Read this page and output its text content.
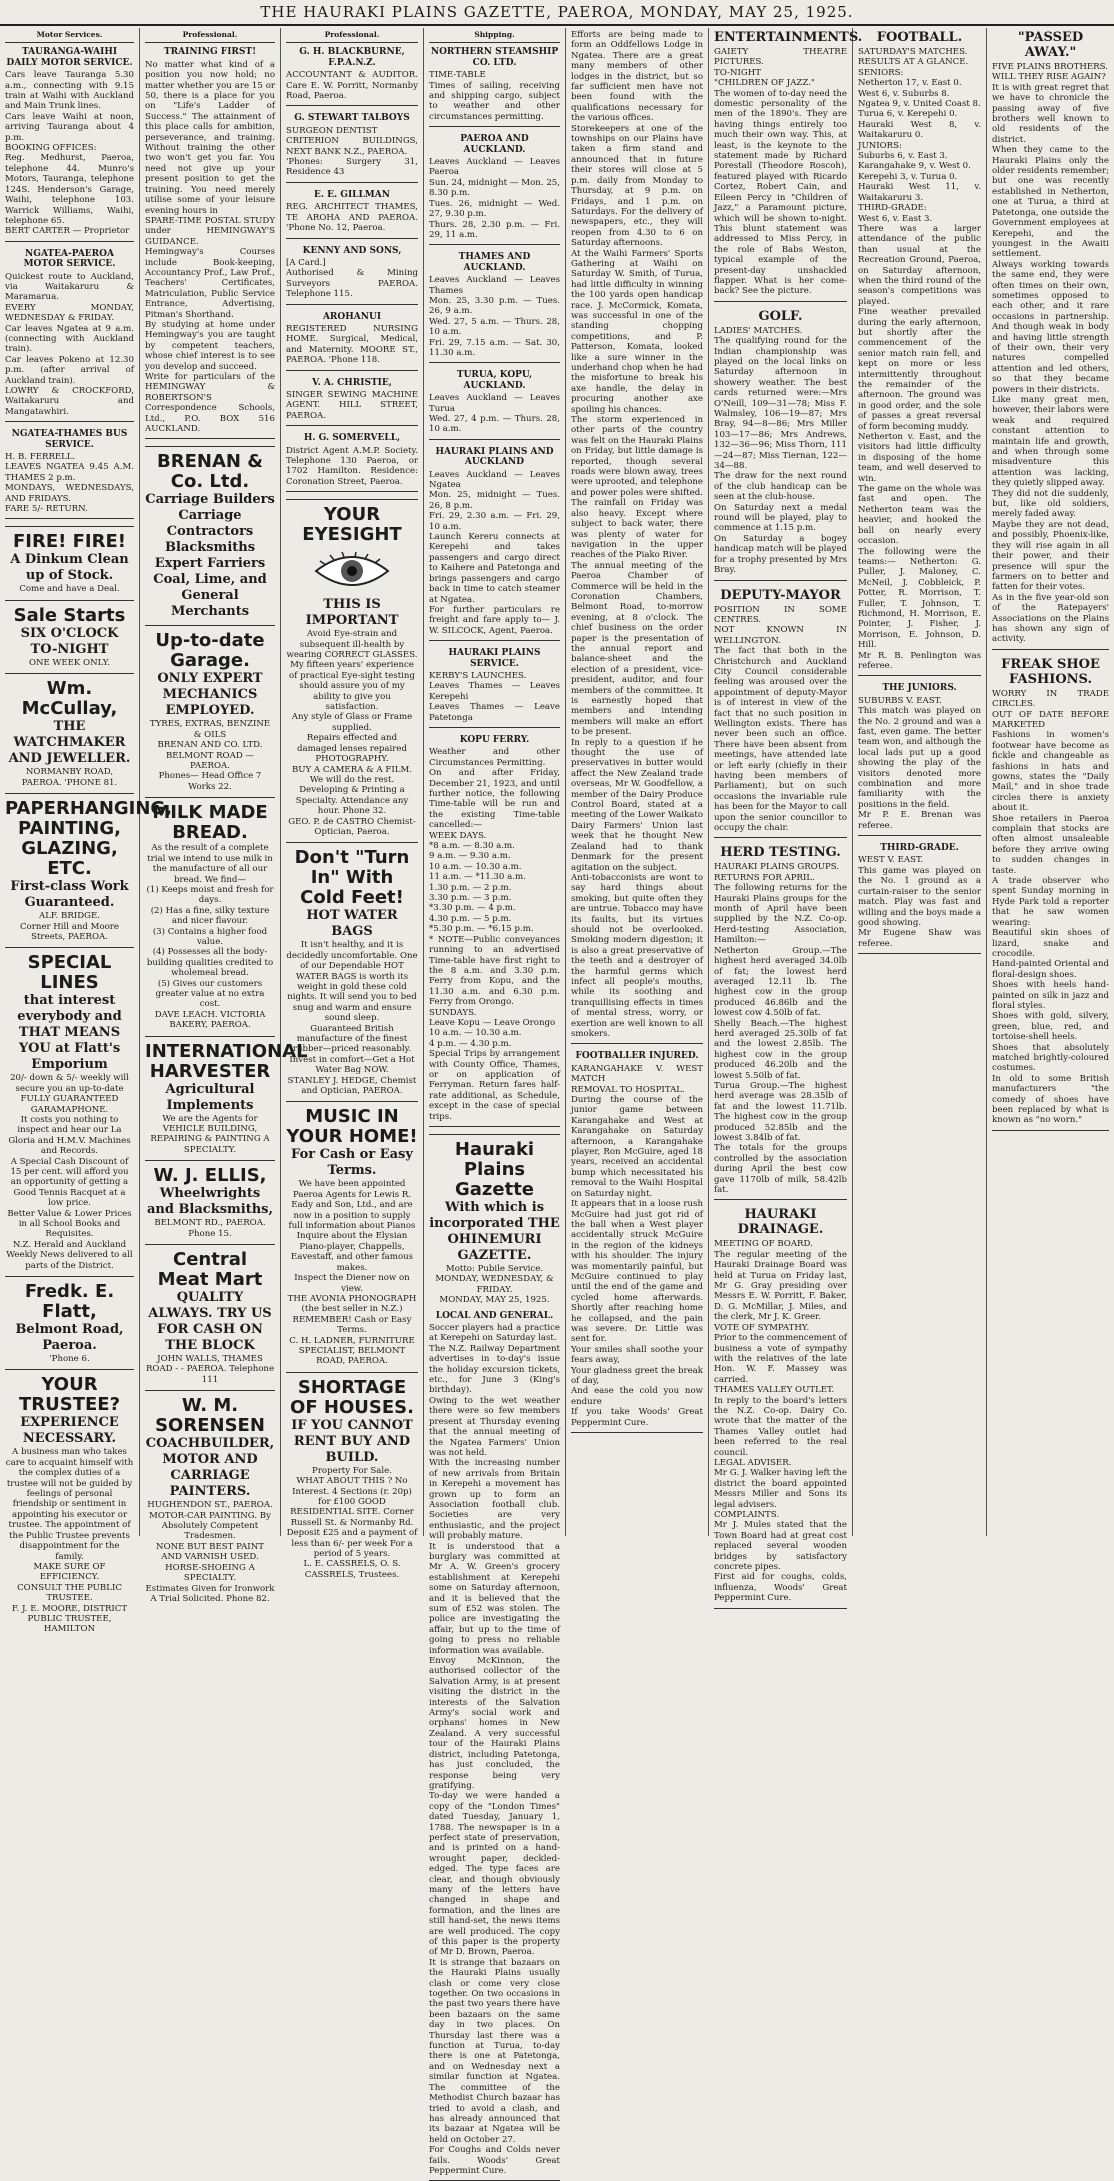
THE HAURAKI PLAINS GAZETTE, PAEROA, MONDAY, MAY 25, 1925.
Motor Services.
TAURANGA-WAIHI DAILY MOTOR SERVICE.
Cars leave Tauranga 5.30 a.m., connecting with 9.15 train at Waihi with Auckland and Main Trunk lines.
Cars leave Waihi at noon, arriving Tauranga about 4 p.m.
BOOKING OFFICES:
Reg. Medhurst, Paeroa, telephone 44. Munro's Motors, Tauranga, telephone 124S. Henderson's Garage, Waihi, telephone 103. Warrick Williams, Waihi, telephone 65.
BERT CARTER — Proprietor
NGATEA-PAEROA MOTOR SERVICE.
Quickest route to Auckland, via Waitakaruru & Maramarua.
EVERY MONDAY, WEDNESDAY & FRIDAY.
Car leaves Ngatea at 9 a.m. (connecting with Auckland train).
Car leaves Pokeno at 12.30 p.m. (after arrival of Auckland train).
LOWRY & CROCKFORD, Waitakaruru and Mangatawhiri.
NGATEA-THAMES BUS SERVICE.
H. B. FERRELL.
LEAVES NGATEA 9.45 A.M. THAMES 2 p.m.
MONDAYS, WEDNESDAYS, AND FRIDAYS.
FARE 5/- RETURN.
FIRE! FIRE!
A Dinkum Clean up of Stock.
Come and have a Deal.
Sale Starts
SIX O'CLOCK TO-NIGHT
ONE WEEK ONLY.
Wm. McCullay,
THE WATCHMAKER AND JEWELLER.
NORMANBY ROAD, PAEROA. 'PHONE 81.
PAPERHANGING, PAINTING, GLAZING, ETC.
First-class Work Guaranteed.
ALF. BRIDGE.
Corner Hill and Moore Streets, PAEROA.
SPECIAL LINES
that interest everybody and THAT MEANS YOU at Flatt's Emporium
20/- down & 5/- weekly will secure you an up-to-date FULLY GUARANTEED GARAMAPHONE.
It costs you nothing to inspect and hear our La Gloria and H.M.V. Machines and Records.
A Special Cash Discount of 15 per cent. will afford you an opportunity of getting a Good Tennis Racquet at a low price.
Better Value & Lower Prices in all School Books and Requisites.
N.Z. Herald and Auckland Weekly News delivered to all parts of the District.
Fredk. E. Flatt,
Belmont Road, Paeroa.
'Phone 6.
YOUR TRUSTEE?
EXPERIENCE NECESSARY.
A business man who takes care to acquaint himself with the complex duties of a trustee will not be guided by feelings of personal friendship or sentiment in appointing his executor or trustee. The appointment of the Public Trustee prevents disappointment for the family.
MAKE SURE OF EFFICIENCY.
CONSULT THE PUBLIC TRUSTEE.
F. J. E. MOORE, DISTRICT PUBLIC TRUSTEE, HAMILTON
Professional.
TRAINING FIRST!
No matter what kind of a position you now hold; no matter whether you are 15 or 50, there is a place for you on "Life's Ladder of Success." The attainment of this place calls for ambition, perseverance, and training. Without training the other two won't get you far. You need not give up your present position to get the training. You need merely utilise some of your leisure evening hours in
SPARE-TIME POSTAL STUDY under HEMINGWAY'S GUIDANCE.
Hemingway's Courses include Book-keeping, Accountancy Prof., Law Prof., Teachers' Certificates, Matriculation, Public Service Entrance, Advertising, Pitman's Shorthand.
By studying at home under Hemingway's you are taught by competent teachers, whose chief interest is to see you develop and succeed.
Write for particulars of the HEMINGWAY & ROBERTSON'S Correspondence Schools, Ltd., P.O. BOX 516 AUCKLAND.
BRENAN & Co. Ltd.
Carriage Builders Carriage Contractors Blacksmiths Expert Farriers Coal, Lime, and General Merchants
Up-to-date Garage.
ONLY EXPERT MECHANICS EMPLOYED.
TYRES, EXTRAS, BENZINE & OILS
BRENAN AND CO. LTD. BELMONT ROAD — PAEROA.
Phones— Head Office 7 Works 22.
MILK MADE BREAD.
As the result of a complete trial we intend to use milk in the manufacture of all our bread. We find—
(1) Keeps moist and fresh for days.
(2) Has a fine, silky texture and nicer flavour.
(3) Contains a higher food value.
(4) Possesses all the body-building qualities credited to wholemeal bread.
(5) Gives our customers greater value at no extra cost.
DAVE LEACH. VICTORIA BAKERY, PAEROA.
INTERNATIONAL HARVESTER
Agricultural Implements
We are the Agents for
VEHICLE BUILDING, REPAIRING & PAINTING A SPECIALTY.
W. J. ELLIS,
Wheelwrights and Blacksmiths,
BELMONT RD., PAEROA. Phone 15.
Central Meat Mart
QUALITY ALWAYS. TRY US FOR CASH ON THE BLOCK
JOHN WALLS, THAMES ROAD - - PAEROA. Telephone 111
W. M. SORENSEN
COACHBUILDER, MOTOR AND CARRIAGE PAINTERS.
HUGHENDON ST., PAEROA.
MOTOR-CAR PAINTING. By Absolutely Competent Tradesmen.
NONE BUT BEST PAINT AND VARNISH USED.
HORSE-SHOEING A SPECIALTY.
Estimates Given for Ironwork
A Trial Solicited. Phone 82.
Professional.
G. H. BLACKBURNE, F.P.A.N.Z.
ACCOUNTANT & AUDITOR. Care E. W. Porritt, Normanby Road, Paeroa.
G. STEWART TALBOYS
SURGEON DENTIST
CRITERION BUILDINGS, NEXT BANK N.Z., PAEROA.
'Phones: Surgery 31, Residence 43
E. E. GILLMAN
REG. ARCHITECT THAMES, TE AROHA AND PAEROA. 'Phone No. 12, Paeroa.
KENNY AND SONS,
[A Card.]
Authorised & Mining Surveyors PAEROA. Telephone 115.
AROHANUI
REGISTERED NURSING HOME. Surgical, Medical, and Maternity. MOORE ST., PAEROA. 'Phone 118.
V. A. CHRISTIE,
SINGER SEWING MACHINE AGENT. HILL STREET, PAEROA.
H. G. SOMERVELL,
District Agent A.M.P. Society. Telephone 130 Paeroa, or 1702 Hamilton. Residence: Coronation Street, Paeroa.
YOUR EYESIGHT
THIS IS IMPORTANT
Avoid Eye-strain and subsequent ill-health by wearing CORRECT GLASSES.
My fifteen years' experience of practical Eye-sight testing should assure you of my ability to give you satisfaction.
Any style of Glass or Frame supplied.
Repairs effected and damaged lenses repaired
PHOTOGRAPHY.
BUY A CAMERA & A FILM. We will do the rest. Developing & Printing a Specialty. Attendance any hour. Phone 32.
GEO. P. de CASTRO Chemist-Optician, Paeroa.
Don't "Turn In" With Cold Feet!
HOT WATER BAGS
It isn't healthy, and it is decidedly uncomfortable. One of our Dependable HOT WATER BAGS is worth its weight in gold these cold nights. It will send you to bed snug and warm and ensure sound sleep.
Guaranteed British manufacture of the finest rubber—priced reasonably.
Invest in comfort—Get a Hot Water Bag NOW.
STANLEY J. HEDGE, Chemist and Optician, PAEROA.
MUSIC IN YOUR HOME!
For Cash or Easy Terms.
We have been appointed Paeroa Agents for Lewis R. Eady and Son, Ltd., and are now in a position to supply full information about Pianos
Inquire about the Elysian Piano-player, Chappells, Eavestaff, and other famous makes.
Inspect the Diener now on view.
THE AVONIA PHONOGRAPH (the best seller in N.Z.)
REMEMBER! Cash or Easy Terms.
C. H. LADNER, FURNITURE SPECIALIST, BELMONT ROAD, PAEROA.
SHORTAGE OF HOUSES.
IF YOU CANNOT RENT BUY AND BUILD.
Property For Sale.
WHAT ABOUT THIS ? No Interest. 4 Sections (r. 20p) for £100 GOOD RESIDENTIAL SITE. Corner Russell St. & Normanby Rd.
Deposit £25 and a payment of less than 6/- per week For a period of 5 years.
L. E. CASSRELS, O. S. CASSRELS, Trustees.
Shipping.
NORTHERN STEAMSHIP CO. LTD.
TIME-TABLE
Times of sailing, receiving and shipping cargo, subject to weather and other circumstances permitting.
PAEROA AND AUCKLAND.
Leaves Auckland — Leaves Paeroa
Sun. 24, midnight — Mon. 25, 8.30 p.m.
Tues. 26, midnight — Wed. 27, 9.30 p.m.
Thurs. 28, 2.30 p.m. — Fri. 29, 11 a.m.
THAMES AND AUCKLAND.
Leaves Auckland — Leaves Thames
Mon. 25, 3.30 p.m. — Tues. 26, 9 a.m.
Wed. 27, 5 a.m. — Thurs. 28, 10 a.m.
Fri. 29, 7.15 a.m. — Sat. 30, 11.30 a.m.
TURUA, KOPU, AUCKLAND.
Leaves Auckland — Leaves Turua
Wed. 27, 4 p.m. — Thurs. 28, 10 a.m.
HAURAKI PLAINS AND AUCKLAND
Leaves Auckland — Leaves Ngatea
Mon. 25, midnight — Tues. 26, 8 p.m.
Fri. 29, 2.30 a.m. — Fri. 29, 10 a.m.
Launch Kereru connects at Kerepehi and takes passengers and cargo direct to Kaihere and Patetonga and brings passengers and cargo back in time to catch steamer at Ngatea.
For further particulars re freight and fare apply to— J. W. SILCOCK, Agent, Paeroa.
HAURAKI PLAINS SERVICE.
KERBY'S LAUNCHES.
Leaves Thames — Leaves Kerepehi
Leaves Thames — Leave Patetonga
KOPU FERRY.
Weather and other Circumstances Permitting.
On and after Friday, December 21, 1923, and until further notice, the following Time-table will be run and the existing Time-table cancelled:—
WEEK DAYS.
*8 a.m. — 8.30 a.m.
9 a.m. — 9.30 a.m.
10 a.m. — 10.30 a.m.
11 a.m. — *11.30 a.m.
1.30 p.m. — 2 p.m.
3.30 p.m. — 3 p.m.
*3.30 p.m. — 4 p.m.
4.30 p.m. — 5 p.m.
*5.30 p.m. — *6.15 p.m.
* NOTE—Public conveyances running to an advertised Time-table have first right to the 8 a.m. and 3.30 p.m. Ferry from Kopu, and the 11.30 a.m. and 6.30 p.m. Ferry from Orongo.
SUNDAYS.
Leave Kopu — Leave Orongo
10 a.m. — 10.30 a.m.
4 p.m. — 4.30 p.m.
Special Trips by arrangement with County Office, Thames, or on application of Ferryman. Return fares half-rate additional, as Schedule, except in the case of special trips.
Hauraki Plains Gazette
With which is incorporated THE OHINEMURI GAZETTE.
Motto: Pubile Service.
MONDAY, WEDNESDAY, & FRIDAY.
MONDAY, MAY 25, 1925.
LOCAL AND GENERAL.
Soccer players had a practice at Kerepehi on Saturday last.
The N.Z. Railway Department advertises in to-day's issue the holiday excursion tickets, etc., for June 3 (King's birthday).
Owing to the wet weather there were so few members present at Thursday evening that the annual meeting of the Ngatea Farmers' Union was not held.
With the increasing number of new arrivals from Britain in Kerepehi a movement has grown up to form an Association football club. Societies are very enthusiastic, and the project will probably mature.
It is understood that a burglary was committed at Mr A. W. Green's grocery establishment at Kerepehi some on Saturday afternoon, and it is believed that the sum of £52 was stolen. The police are investigating the affair, but up to the time of going to press no reliable information was available.
Envoy McKinnon, the authorised collector of the Salvation Army, is at present visiting the district in the interests of the Salvation Army's social work and orphans' homes in New Zealand. A very successful tour of the Hauraki Plains district, including Patetonga, has just concluded, the response being very gratifying.
To-day we were handed a copy of the "London Times" dated Tuesday, January 1, 1788. The newspaper is in a perfect state of preservation, and is printed on a hand-wrought paper, deckled-edged. The type faces are clear, and though obviously many of the letters have changed in shape and formation, and the lines are still hand-set, the news items are well produced. The copy of this paper is the property of Mr D. Brown, Paeroa.
It is strange that bazaars on the Hauraki Plains usually clash or come very close together. On two occasions in the past two years there have been bazaars on the same day in two places. On Thursday last there was a function at Turua, to-day there is one at Patetonga, and on Wednesday next a similar function at Ngatea. The committee of the Methodist Church bazaar has tried to avoid a clash, and has already announced that its bazaar at Ngatea will be held on October 27.
For Coughs and Colds never fails. Woods' Great Peppermint Cure.
Efforts are being made to form an Oddfellows Lodge in Ngatea. There are a great many members of other lodges in the district, but so far sufficient men have not been found with the qualifications necessary for the various offices.
Storekeepers at one of the townships on our Plains have taken a firm stand and announced that in future their stores will close at 5 p.m. daily from Monday to Thursday, at 9 p.m. on Fridays, and 1 p.m. on Saturdays. For the delivery of newspapers, etc., they will reopen from 4.30 to 6 on Saturday afternoons.
At the Waihi Farmers' Sports Gathering at Waihi on Saturday W. Smith, of Turua, had little difficulty in winning the 100 yards open handicap race. J. McCormick, Komata, was successful in one of the standing chopping competitions, and P. Patterson, Komata, looked like a sure winner in the underhand chop when he had the misfortune to break his axe handle, the delay in procuring another axe spoiling his chances.
The storm experienced in other parts of the country was felt on the Hauraki Plains on Friday, but little damage is reported, though several roads were blown away, trees were uprooted, and telephone and power poles were shifted. The rainfall on Friday was also heavy. Except where subject to back water, there was plenty of water for navigation in the upper reaches of the Piako River.
The annual meeting of the Paeroa Chamber of Commerce will be held in the Coronation Chambers, Belmont Road, to-morrow evening, at 8 o'clock. The chief business on the order paper is the presentation of the annual report and balance-sheet and the election of a president, vice-president, auditor, and four members of the committee. It is earnestly hoped that members and intending members will make an effort to be present.
In reply to a question if he thought the use of preservatives in butter would affect the New Zealand trade overseas, Mr W. Goodfellow, a member of the Dairy Produce Control Board, stated at a meeting of the Lower Waikato Dairy Farmers' Union last week that he thought New Zealand had to thank Denmark for the present agitation on the subject.
Anti-tobacconists are wont to say hard things about smoking, but quite often they are untrue. Tobacco may have its faults, but its virtues should not be overlooked. Smoking modern digestion; it is also a great preservative of the teeth and a destroyer of the harmful germs which infect all people's mouths, while its soothing and tranquillising effects in times of mental stress, worry, or exertion are well known to all smokers.
FOOTBALLER INJURED.
KARANGAHAKE V. WEST MATCH
REMOVAL TO HOSPITAL.
During the course of the junior game between Karangahake and West at Karangahake on Saturday afternoon, a Karangahake player, Ron McGuire, aged 18 years, received an accidental bump which necessitated his removal to the Waihi Hospital on Saturday night.
It appears that in a loose rush McGuire had just got rid of the ball when a West player accidentally struck McGuire in the region of the kidneys with his shoulder. The injury was momentarily painful, but McGuire continued to play until the end of the game and cycled home afterwards. Shortly after reaching home he collapsed, and the pain was severe. Dr. Little was sent for.
Your smiles shall soothe your fears away,
Your gladness greet the break of day,
And ease the cold you now endure
If you take Woods' Great Peppermint Cure.
ENTERTAINMENTS.
GAIETY THEATRE PICTURES.
TO-NIGHT
"CHILDREN OF JAZZ."
The women of to-day need the domestic personality of the men of the 1890's. They are having things entirely too much their own way. This, at least, is the keynote to the statement made by Richard Porestall (Theodore Roscoh), featured played with Ricardo Cortez, Robert Cain, and Eileen Percy in "Children of Jazz," a Paramount picture, which will be shown to-night. This blunt statement was addressed to Miss Percy, in the role of Babs Weston, typical example of the present-day unshackled flapper. What is her come-back? See the picture.
GOLF.
LADIES' MATCHES.
The qualifying round for the Indian championship was played on the local links on Saturday afternoon in showery weather. The best cards returned were:—Mrs O'Neill, 109—31—78; Miss F. Walmsley, 106—19—87; Mrs Bray, 94—8—86; Mrs Miller 103—17—86; Mrs Andrews, 132—36—96; Miss Thorn, 111—24—87; Miss Tiernan, 122—34—88.
The draw for the next round of the club handicap can be seen at the club-house.
On Saturday next a medal round will be played, play to commence at 1.15 p.m.
On Saturday a bogey handicap match will be played for a trophy presented by Mrs Bray.
DEPUTY-MAYOR
POSITION IN SOME CENTRES.
NOT KNOWN IN WELLINGTON.
The fact that both in the Christchurch and Auckland City Council considerable feeling was aroused over the appointment of deputy-Mayor is of interest in view of the fact that no such position in Wellington exists. There has never been such an office. There have been absent from meetings, have attended late or left early (chiefly in their having been members of Parliament), but on such occasions the invariable rule has been for the Mayor to call upon the senior councillor to occupy the chair.
HERD TESTING.
HAURAKI PLAINS GROUPS.
RETURNS FOR APRIL.
The following returns for the Hauraki Plains groups for the month of April have been supplied by the N.Z. Co-op. Herd-testing Association, Hamilton:—
Netherton Group.—The highest herd averaged 34.0lb of fat; the lowest herd averaged 12.11 lb. The highest cow in the group produced 46.86lb and the lowest cow 4.50lb of fat.
Shelly Beach.—The highest herd averaged 25.30lb of fat and the lowest 2.85lb. The highest cow in the group produced 46.20lb and the lowest 5.50lb of fat.
Turua Group.—The highest herd average was 28.35lb of fat and the lowest 11.71lb. The highest cow in the group produced 52.85lb and the lowest 3.84lb of fat.
The totals for the groups controlled by the association during April the best cow gave 1170lb of milk, 58.42lb fat.
HAURAKI DRAINAGE.
MEETING OF BOARD.
The regular meeting of the Hauraki Drainage Board was held at Turua on Friday last, Mr G. Gray presiding over Messrs E. W. Porritt, F. Baker, D. G. McMillar, J. Miles, and the clerk, Mr J. K. Greer.
VOTE OF SYMPATHY.
Prior to the commencement of business a vote of sympathy with the relatives of the late Hon. W. F. Massey was carried.
THAMES VALLEY OUTLET.
In reply to the board's letters the N.Z. Co-op. Dairy Co. wrote that the matter of the Thames Valley outlet had been referred to the real council.
LEGAL ADVISER.
Mr G. J. Walker having left the district the board appointed Messrs Miller and Sons its legal advisers.
COMPLAINTS.
Mr J. Mules stated that the Town Board had at great cost replaced several wooden bridges by satisfactory concrete pipes.
First aid for coughs, colds, influenza, Woods' Great Peppermint Cure.
FOOTBALL.
SATURDAY'S MATCHES.
RESULTS AT A GLANCE.
SENIORS:
Netherton 17, v. East 0.
West 6, v. Suburbs 8.
Ngatea 9, v. United Coast 8.
Turua 6, v. Kerepehi 0.
Hauraki West 8, v. Waitakaruru 0.
JUNIORS:
Suburbs 6, v. East 3.
Karangahake 9, v. West 0.
Kerepehi 3, v. Turua 0.
Hauraki West 11, v. Waitakaruru 3.
THIRD-GRADE:
West 6, v. East 3.
There was a larger attendance of the public than usual at the Recreation Ground, Paeroa, on Saturday afternoon, when the third round of the season's competitions was played.
Fine weather prevailed during the early afternoon, but shortly after the commencement of the senior match rain fell, and kept on more or less intermittently throughout the remainder of the afternoon. The ground was in good order, and the sole of passes a great reversal of form becoming muddy.
Netherton v. East, and the visitors had little difficulty in disposing of the home team, and well deserved to win.
The game on the whole was fast and open. The Netherton team was the heavier, and hooked the ball on nearly every occasion.
The following were the teams:— Netherton: G. Puller, J. Maloney, C. McNeil, J. Cobbleick, P. Potter, R. Morrison, T. Fuller, T. Johnson, T. Richmond, H. Morrison, E. Pointer, J. Fisher, J. Morrison, E. Johnson, D. Hill.
Mr R. B. Penlington was referee.
THE JUNIORS.
SUBURBS V. EAST.
This match was played on the No. 2 ground and was a fast, even game. The better team won, and although the local lads put up a good showing the play of the visitors denoted more combination and more familiarity with the positions in the field.
Mr P. E. Brenan was referee.
THIRD-GRADE.
WEST V. EAST.
This game was played on the No. 1 ground as a curtain-raiser to the senior match. Play was fast and willing and the boys made a good showing.
Mr Eugene Shaw was referee.
"PASSED AWAY."
FIVE PLAINS BROTHERS.
WILL THEY RISE AGAIN?
It is with great regret that we have to chronicle the passing away of five brothers well known to old residents of the district.
When they came to the Hauraki Plains only the older residents remember; but one was recently established in Netherton, one at Turua, a third at Patetonga, one outside the Government employees at Kerepehi, and the youngest in the Awaiti settlement.
Always working towards the same end, they were often times on their own, sometimes opposed to each other, and it rare occasions in partnership. And though weak in body and having little strength of their own, their very natures compelled attention and led others, so that they became powers in their districts.
Like many great men, however, their labors were weak and required constant attention to maintain life and growth, and when through some misadventure this attention was lacking, they quietly slipped away.
They did not die suddenly, but, like old soldiers, merely faded away.
Maybe they are not dead, and possibly, Phoenix-like, they will rise again in all their power, and their presence will spur the farmers on to better and fatten for their votes.
As in the five year-old son of the Ratepayers' Associations on the Plains has shown any sign of activity.
FREAK SHOE FASHIONS.
WORRY IN TRADE CIRCLES.
OUT OF DATE BEFORE MARKETED
Fashions in women's footwear have become as fickle and changeable as fashions in hats and gowns, states the "Daily Mail," and in shoe trade circles there is anxiety about it.
Shoe retailers in Paeroa complain that stocks are often almost unsaleable before they arrive owing to sudden changes in taste.
A trade observer who spent Sunday morning in Hyde Park told a reporter that he saw women wearing:
Beautiful skin shoes of lizard, snake and crocodile.
Hand-painted Oriental and floral-design shoes.
Shoes with heels hand-painted on silk in jazz and floral styles.
Shoes with gold, silvery, green, blue, red, and tortoise-shell heels.
Shoes that absolutely matched brightly-coloured costumes.
In old to some British manufacturers "the comedy of shoes have been replaced by what is known as "no worn."
